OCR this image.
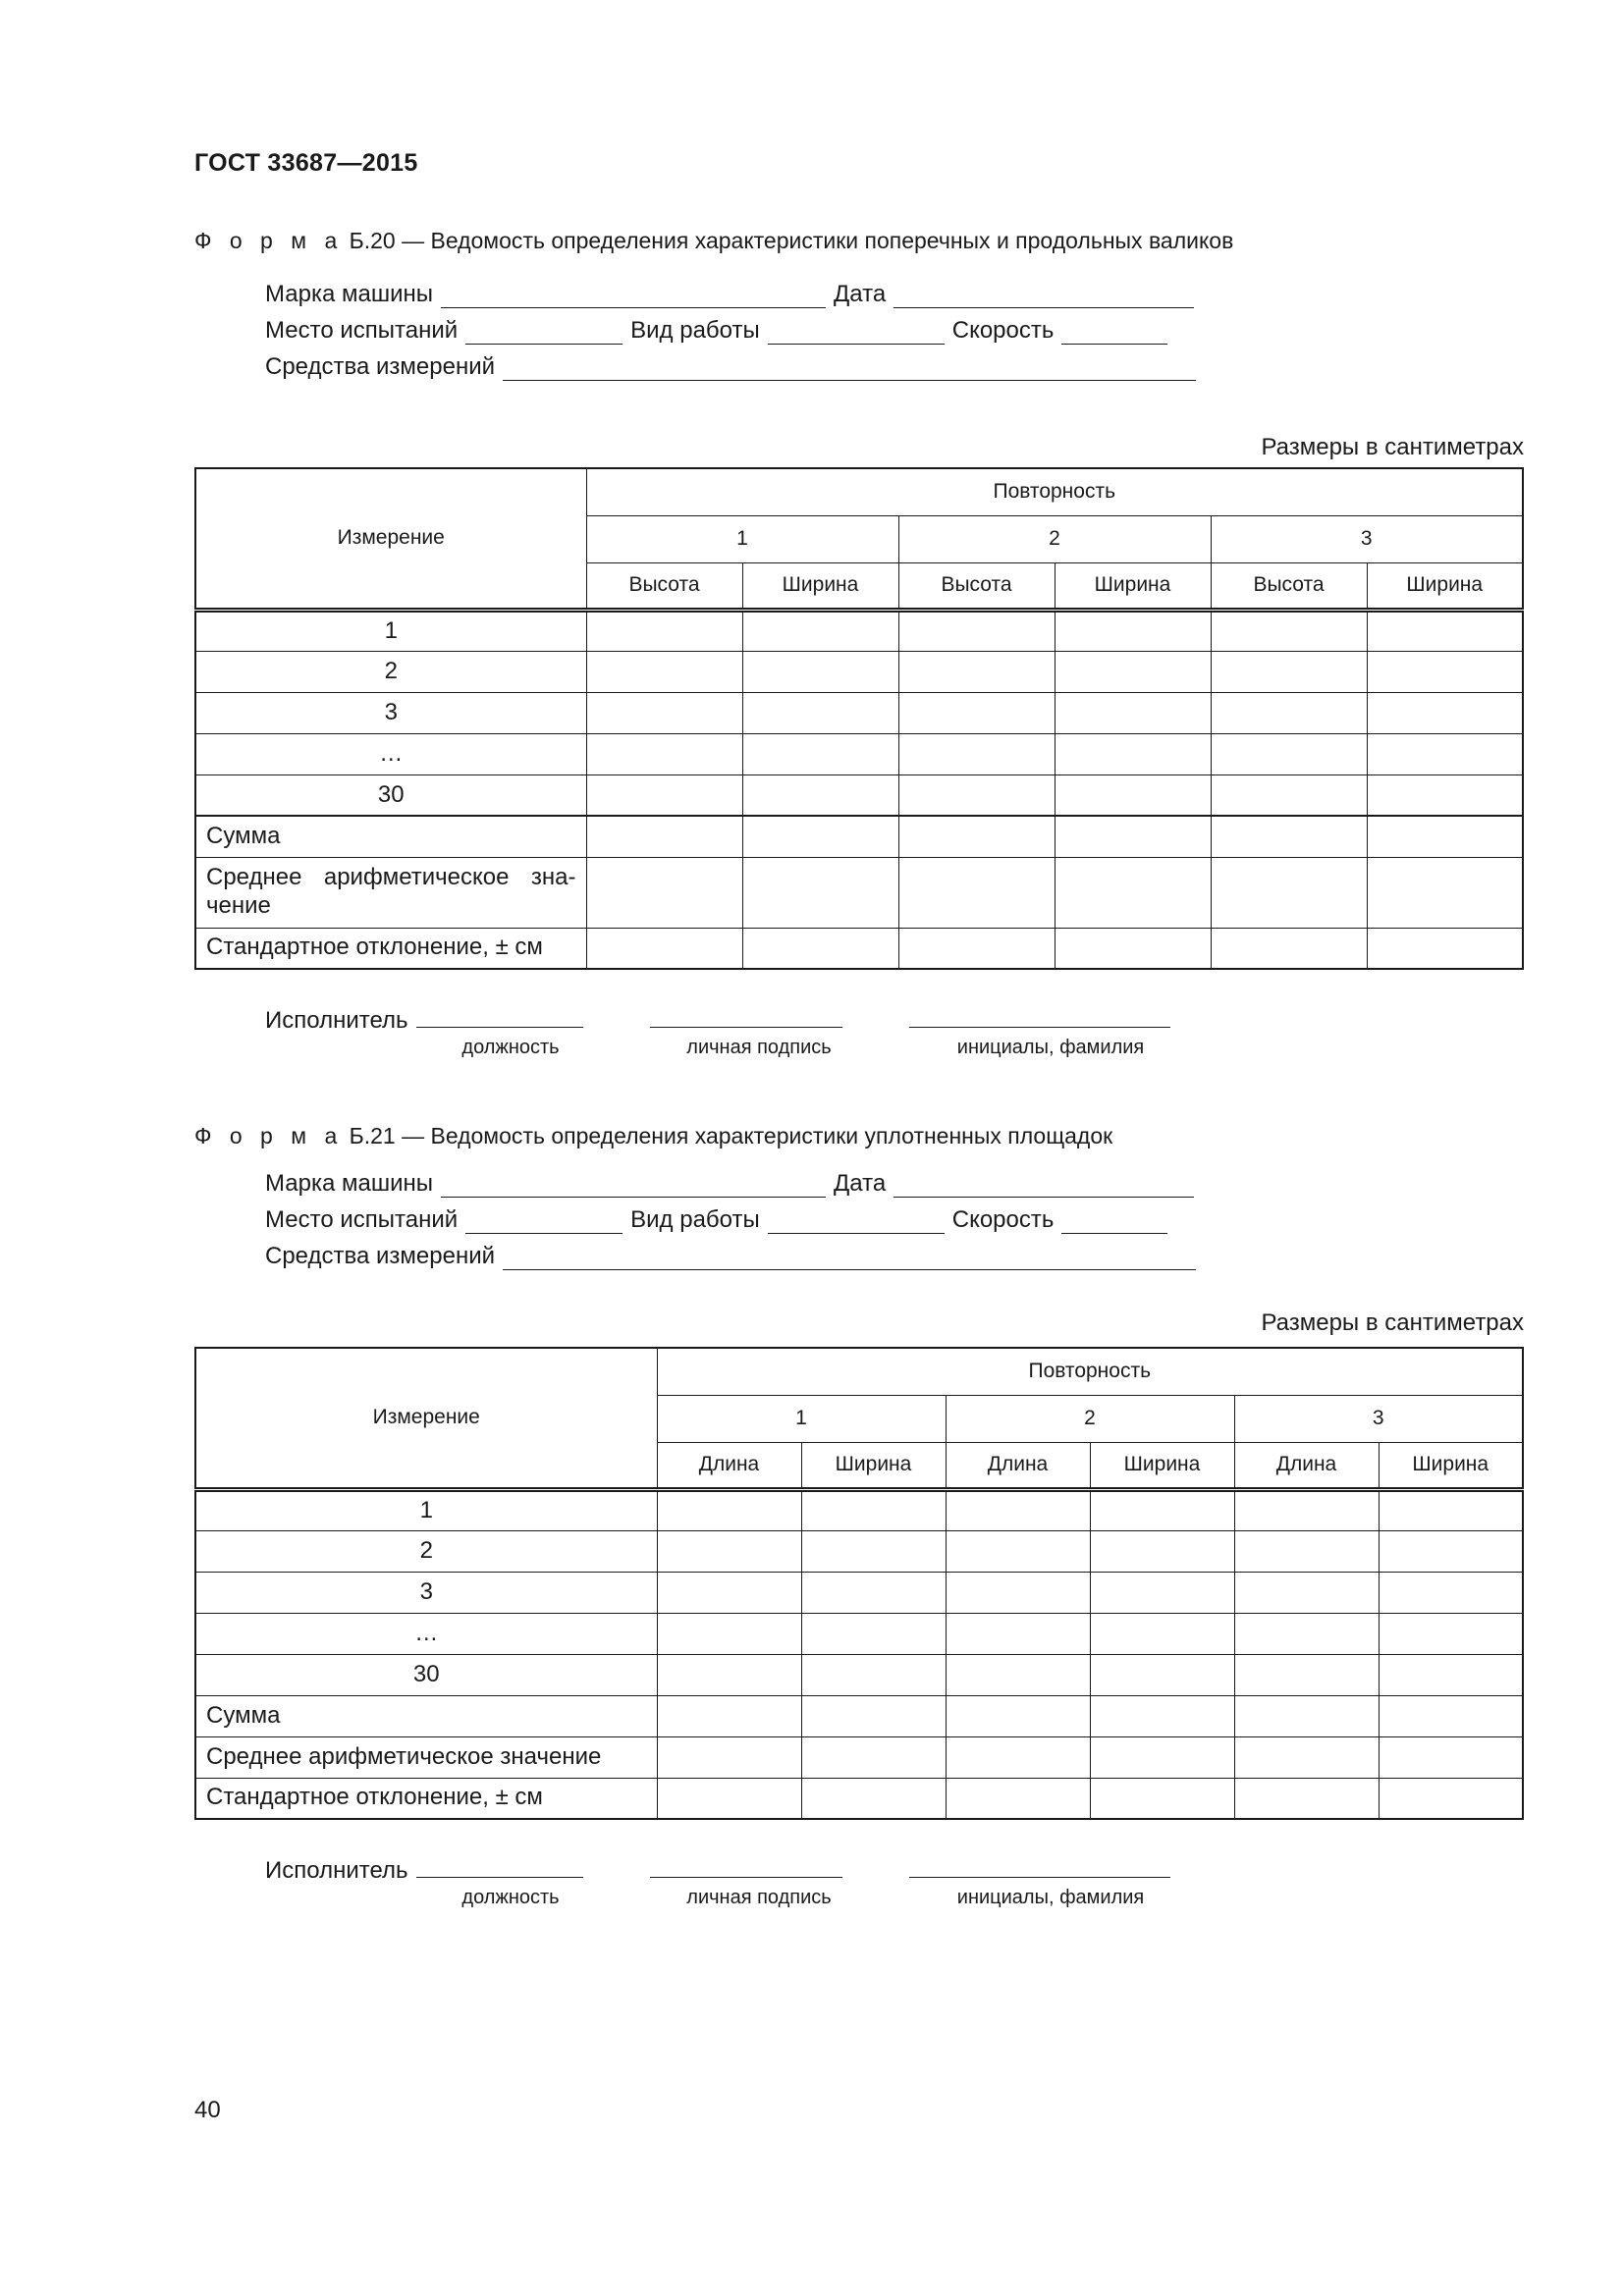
ГОСТ 33687—2015
Ф о р м а Б.20 — Ведомость определения характеристики поперечных и продольных валиков
Марка машины	Дата
Место испытаний	Вид работы	Скорость
Средства измерений
Размеры в сантиметрах
Измерение	Повторность					
	1		2		3	
	Высота	Ширина	Высота	Ширина	Высота	Ширина
1						
2						
3						
…						
30						
Сумма						
Среднее арифметическое значение						
Стандартное отклонение, ± см						
Исполнитель
должность	личная подпись	инициалы, фамилия
Ф о р м а Б.21 — Ведомость определения характеристики уплотненных площадок
Марка машины	Дата
Место испытаний	Вид работы	Скорость
Средства измерений
Размеры в сантиметрах
Измерение	Повторность					
	1		2		3	
	Длина	Ширина	Длина	Ширина	Длина	Ширина
1						
2						
3						
…						
30						
Сумма						
Среднее арифметическое значение						
Стандартное отклонение, ± см						
Исполнитель
должность	личная подпись	инициалы, фамилия
40
